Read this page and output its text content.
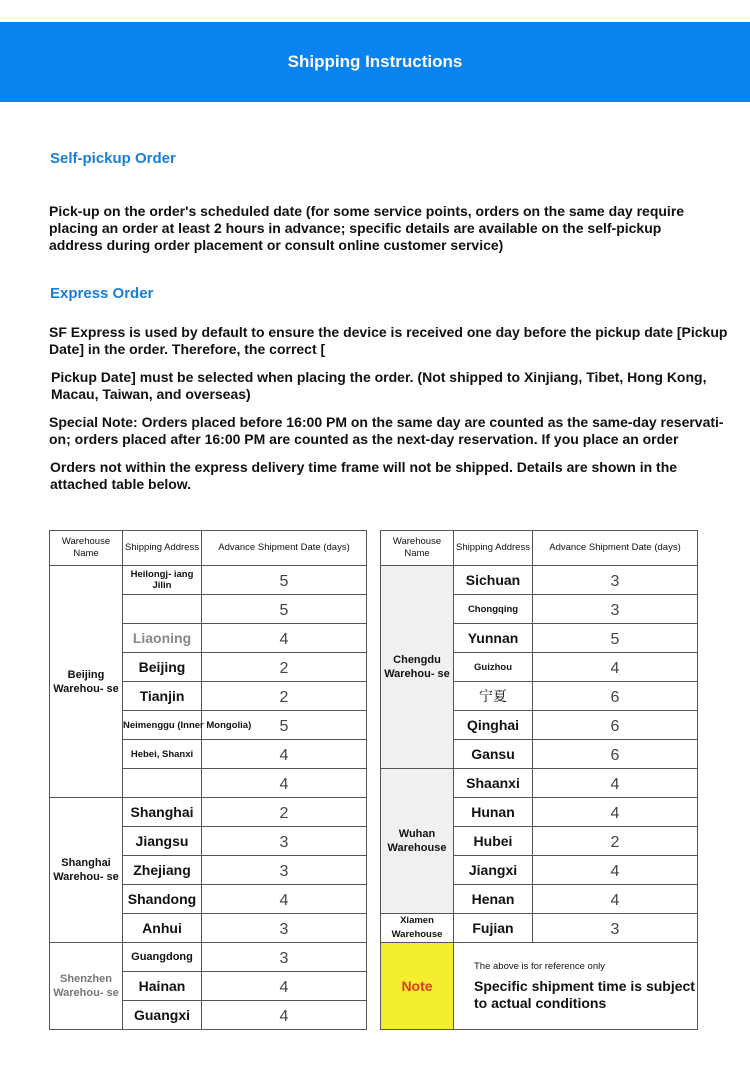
Shipping Instructions
Self-pickup Order
Pick-up on the order's scheduled date (for some service points, orders on the same day require placing an order at least 2 hours in advance; specific details are available on the self-pickup address during order placement or consult online customer service)
Express Order
SF Express is used by default to ensure the device is received one day before the pickup date [Pickup Date] in the order. Therefore, the correct [
Pickup Date] must be selected when placing the order. (Not shipped to Xinjiang, Tibet, Hong Kong, Macau, Taiwan, and overseas)
Special Note: Orders placed before 16:00 PM on the same day are counted as the same-day reservati- on; orders placed after 16:00 PM are counted as the next-day reservation. If you place an order
Orders not within the express delivery time frame will not be shipped. Details are shown in the attached table below.
Warehouse Name	Shipping Address	Advance Shipment Date (days)
Beijing Warehou- se	Heilongj- iang Jilin	5
		5
	Liaoning	4
	Beijing	2
	Tianjin	2
	Neimenggu (Inner Mongolia)	5
	Hebei, Shanxi	4
		4
Shanghai Warehou- se	Shanghai	2
	Jiangsu	3
	Zhejiang	3
	Shandong	4
	Anhui	3
Shenzhen Warehou- se	Guangdong	3
	Hainan	4
	Guangxi	4
Warehouse Name	Shipping Address	Advance Shipment Date (days)
Chengdu Warehou- se	Sichuan	3
	Chongqing	3
	Yunnan	5
	Guizhou	4
	宁夏	6
	Qinghai	6
	Gansu	6
Wuhan Warehouse	Shaanxi	4
	Hunan	4
	Hubei	2
	Jiangxi	4
	Henan	4
Xiamen Warehouse	Fujian	3
Note	The above is for reference only
Specific shipment time is subject to actual conditions	
